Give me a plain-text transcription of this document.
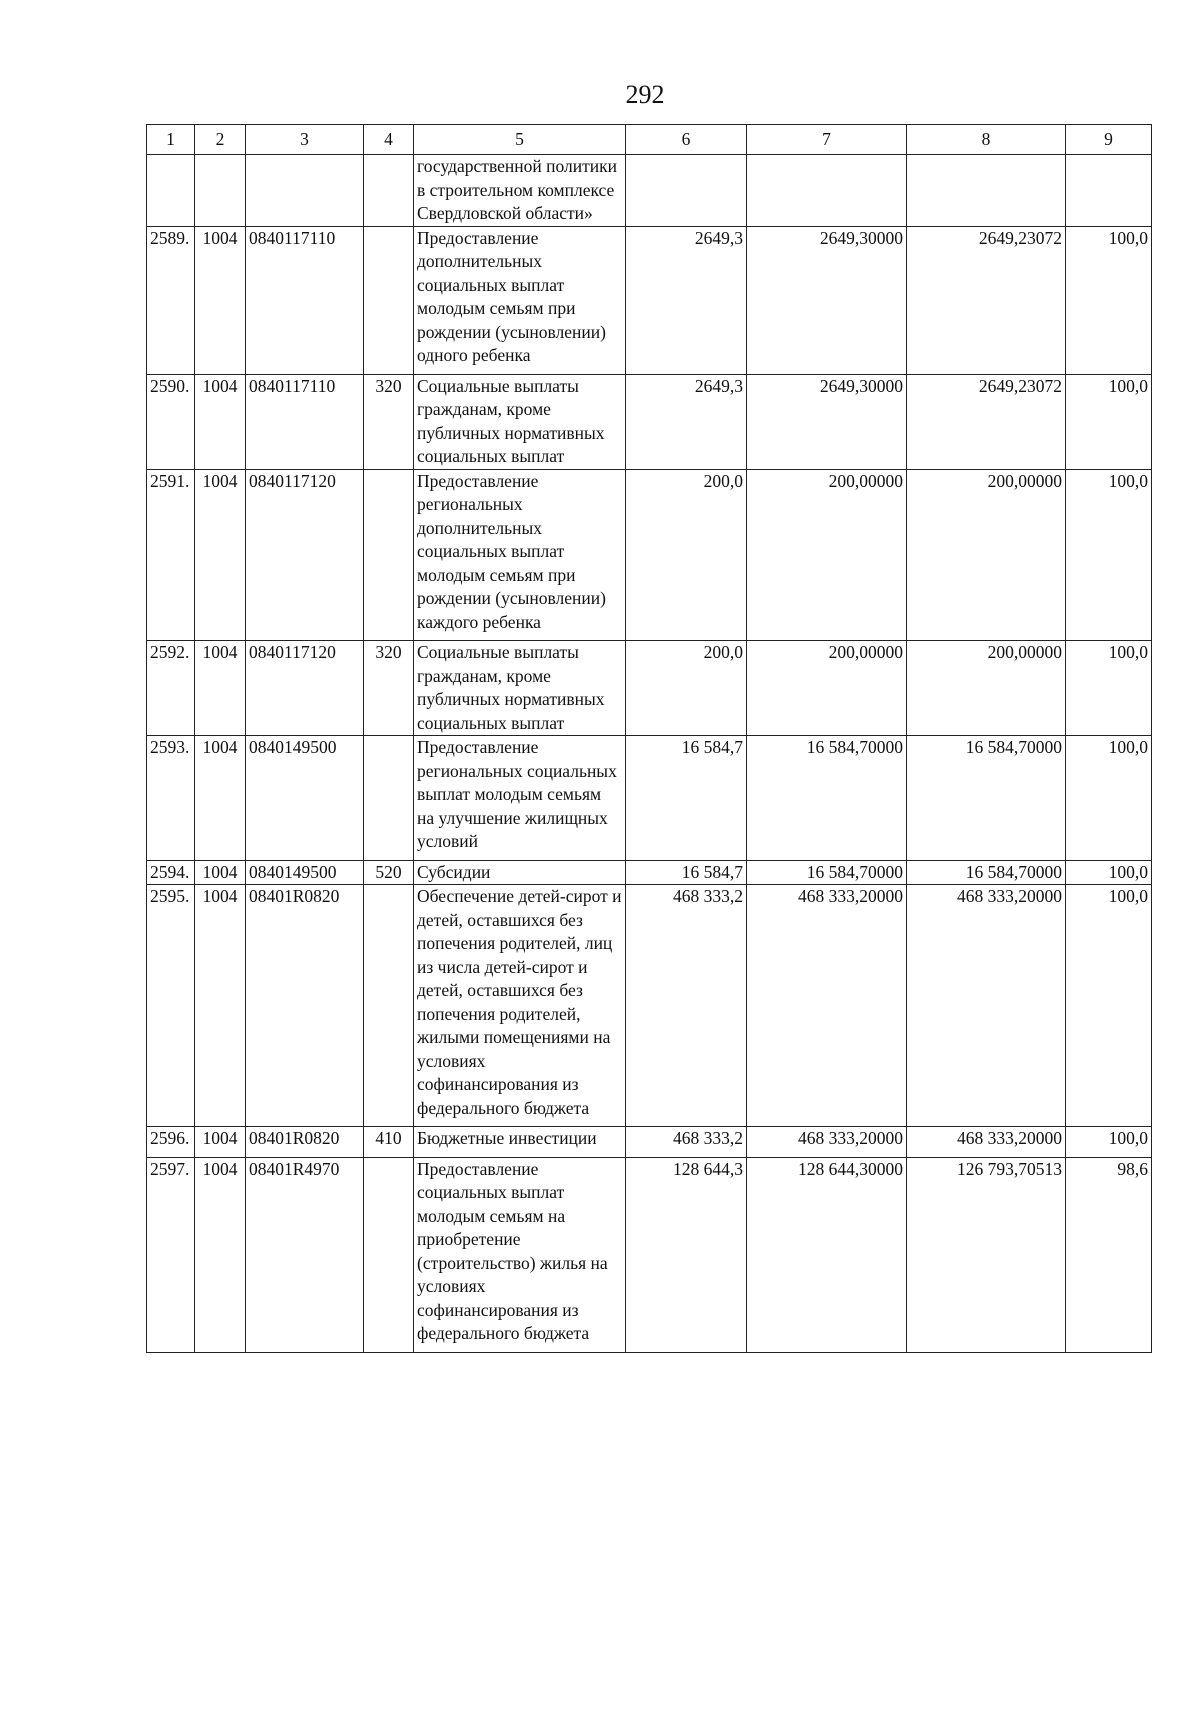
292
1	2	3	4	5	6	7	8	9
				государственной политики в строительном комплексе Свердловской области»				
2589.	1004	0840117110		Предоставление дополнительных социальных выплат молодым семьям при рождении (усыновлении) одного ребенка	2649,3	2649,30000	2649,23072	100,0
2590.	1004	0840117110	320	Социальные выплаты гражданам, кроме публичных нормативных социальных выплат	2649,3	2649,30000	2649,23072	100,0
2591.	1004	0840117120		Предоставление региональных дополнительных социальных выплат молодым семьям при рождении (усыновлении) каждого ребенка	200,0	200,00000	200,00000	100,0
2592.	1004	0840117120	320	Социальные выплаты гражданам, кроме публичных нормативных социальных выплат	200,0	200,00000	200,00000	100,0
2593.	1004	0840149500		Предоставление региональных социальных выплат молодым семьям на улучшение жилищных условий	16 584,7	16 584,70000	16 584,70000	100,0
2594.	1004	0840149500	520	Субсидии	16 584,7	16 584,70000	16 584,70000	100,0
2595.	1004	08401R0820		Обеспечение детей-сирот и детей, оставшихся без попечения родителей, лиц из числа детей-сирот и детей, оставшихся без попечения родителей, жилыми помещениями на условиях софинансирования из федерального бюджета	468 333,2	468 333,20000	468 333,20000	100,0
2596.	1004	08401R0820	410	Бюджетные инвестиции	468 333,2	468 333,20000	468 333,20000	100,0
2597.	1004	08401R4970		Предоставление социальных выплат молодым семьям на приобретение (строительство) жилья на условиях софинансирования из федерального бюджета	128 644,3	128 644,30000	126 793,70513	98,6
